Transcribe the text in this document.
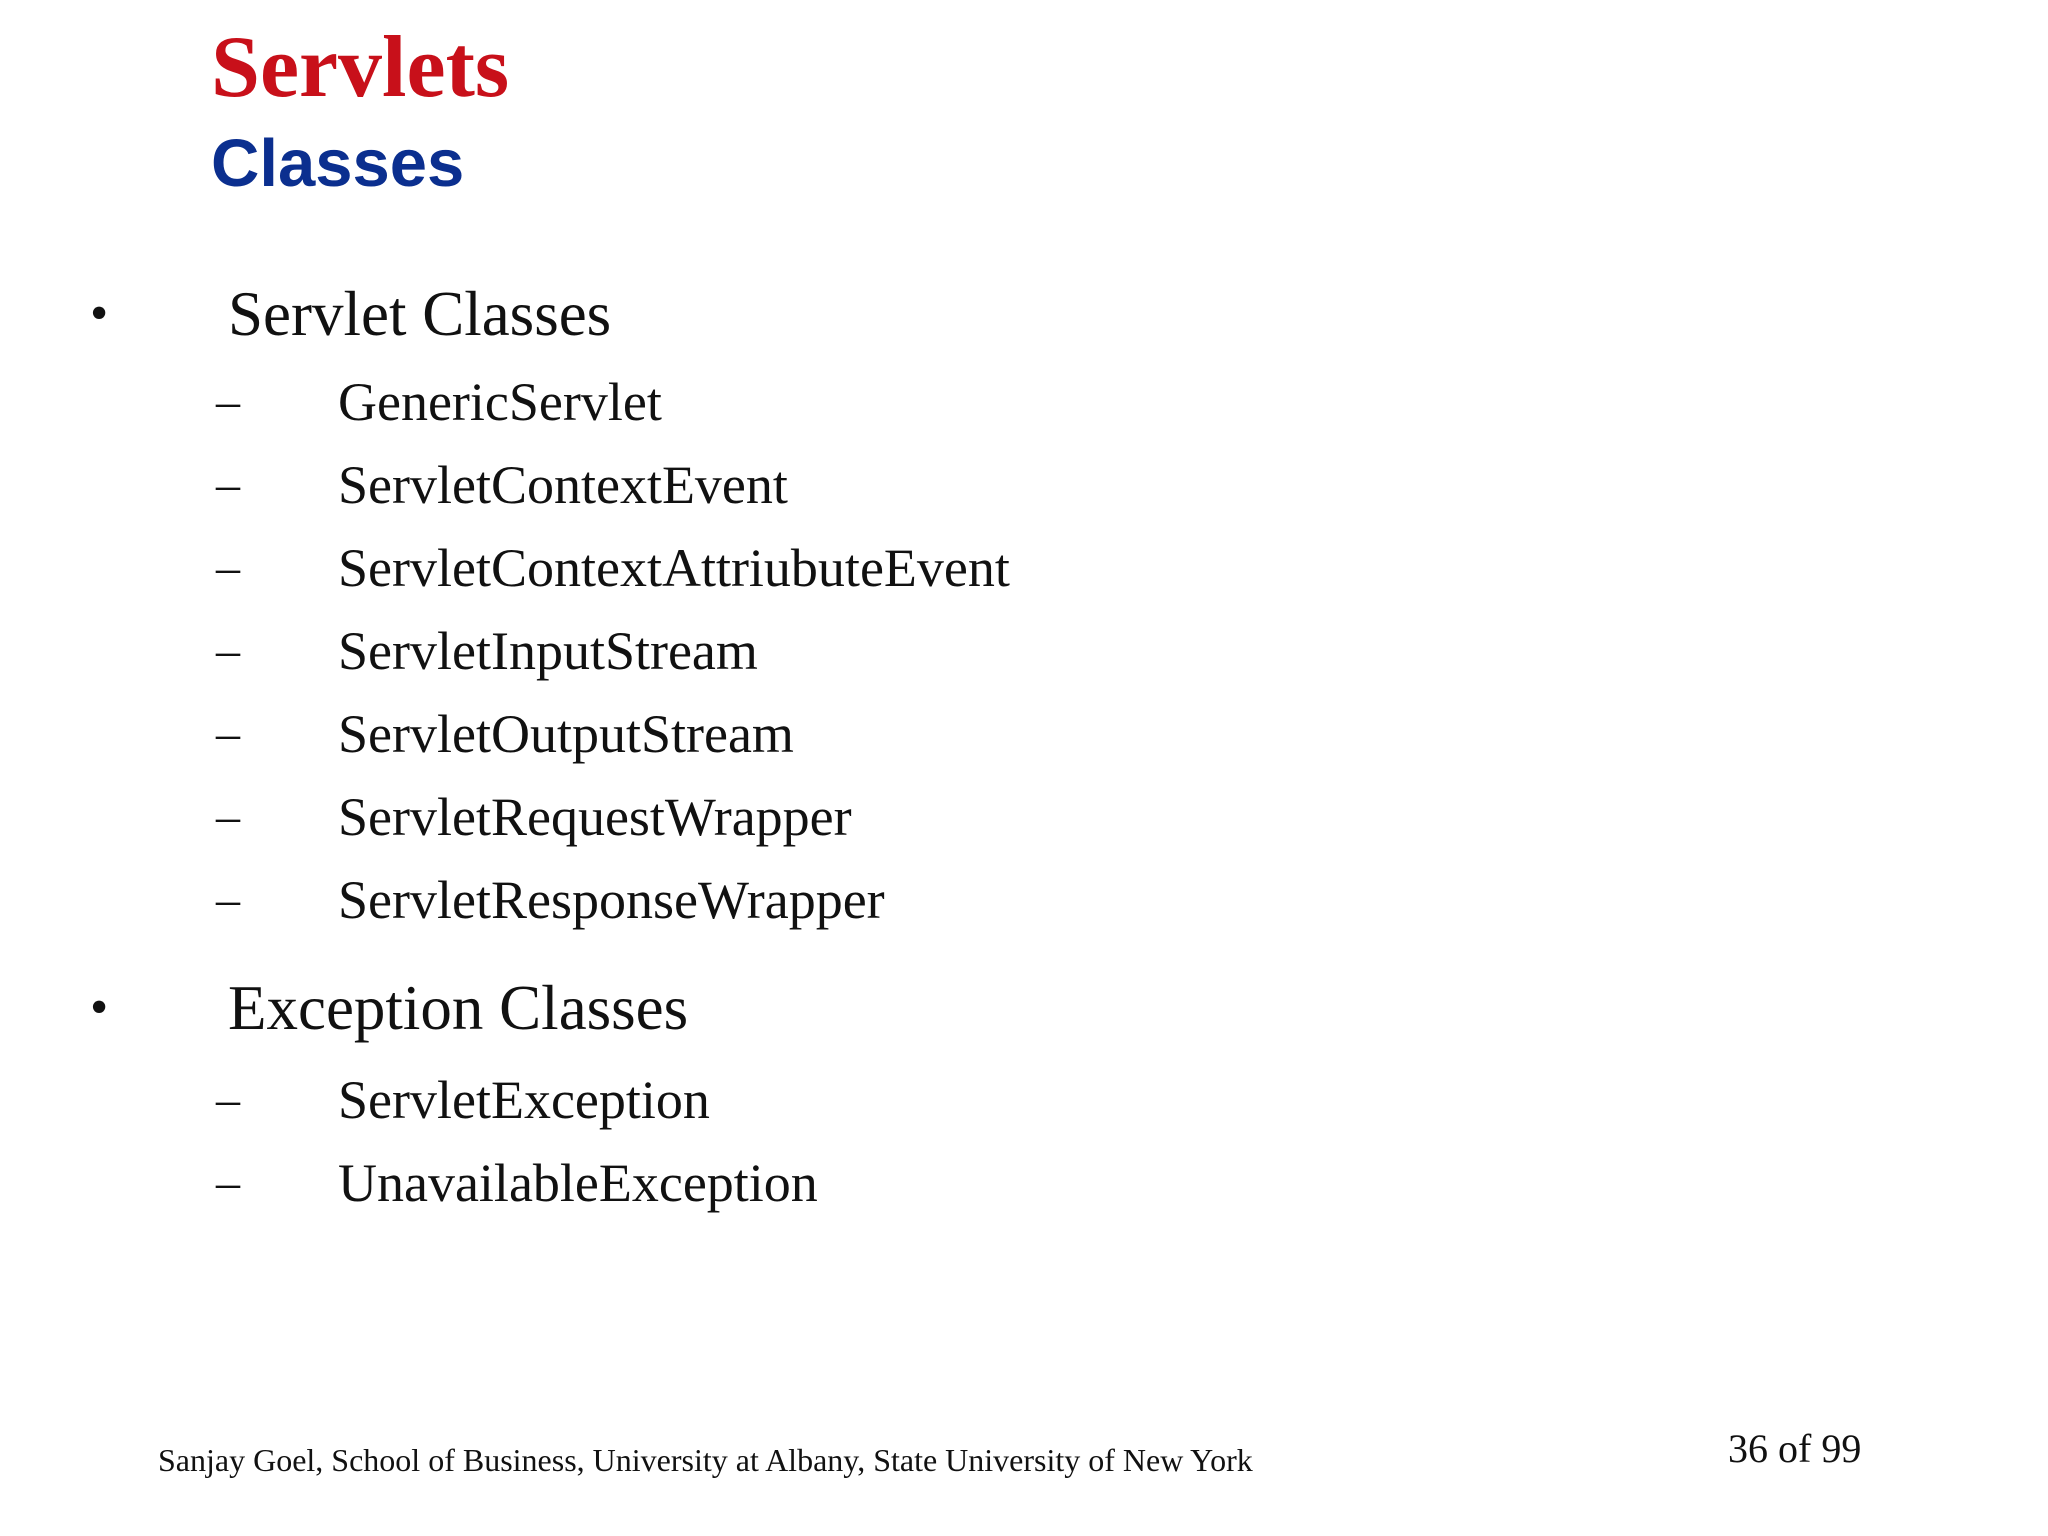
Servlets
Classes
• Servlet Classes
– GenericServlet
– ServletContextEvent
– ServletContextAttriubuteEvent
– ServletInputStream
– ServletOutputStream
– ServletRequestWrapper
– ServletResponseWrapper
• Exception Classes
– ServletException
– UnavailableException
Sanjay Goel, School of Business, University at Albany, State University of New York	36 of 99
